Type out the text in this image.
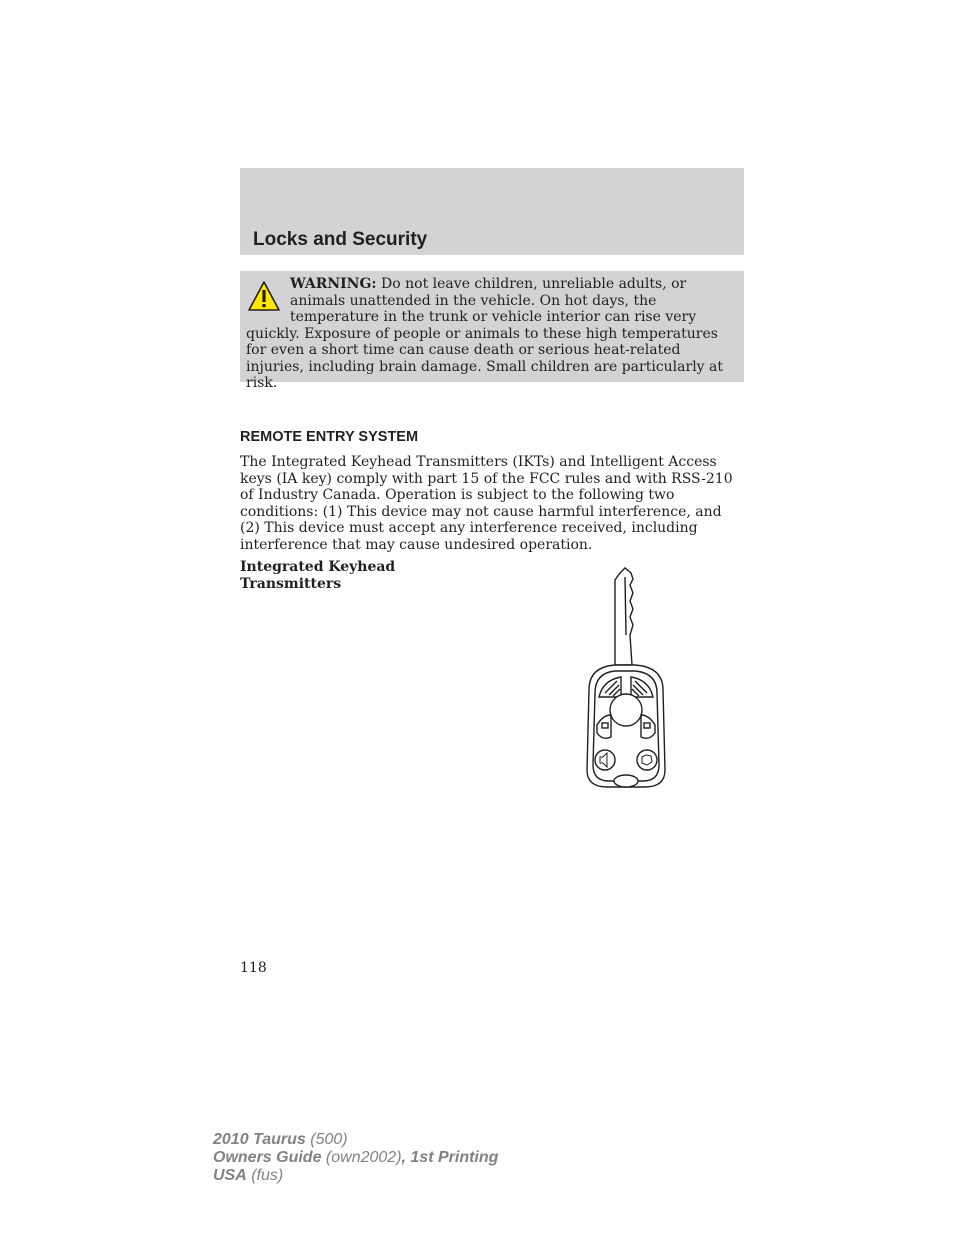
Locks and Security
WARNING: Do not leave children, unreliable adults, or animals unattended in the vehicle. On hot days, the temperature in the trunk or vehicle interior can rise very quickly. Exposure of people or animals to these high temperatures for even a short time can cause death or serious heat-related injuries, including brain damage. Small children are particularly at risk.
REMOTE ENTRY SYSTEM

The Integrated Keyhead Transmitters (IKTs) and Intelligent Access keys (IA key) comply with part 15 of the FCC rules and with RSS-210 of Industry Canada. Operation is subject to the following two conditions: (1) This device may not cause harmful interference, and (2) This device must accept any interference received, including interference that may cause undesired operation.

Integrated Keyhead Transmitters

118
2010 Taurus (500)
Owners Guide (own2002), 1st Printing
USA (fus)
